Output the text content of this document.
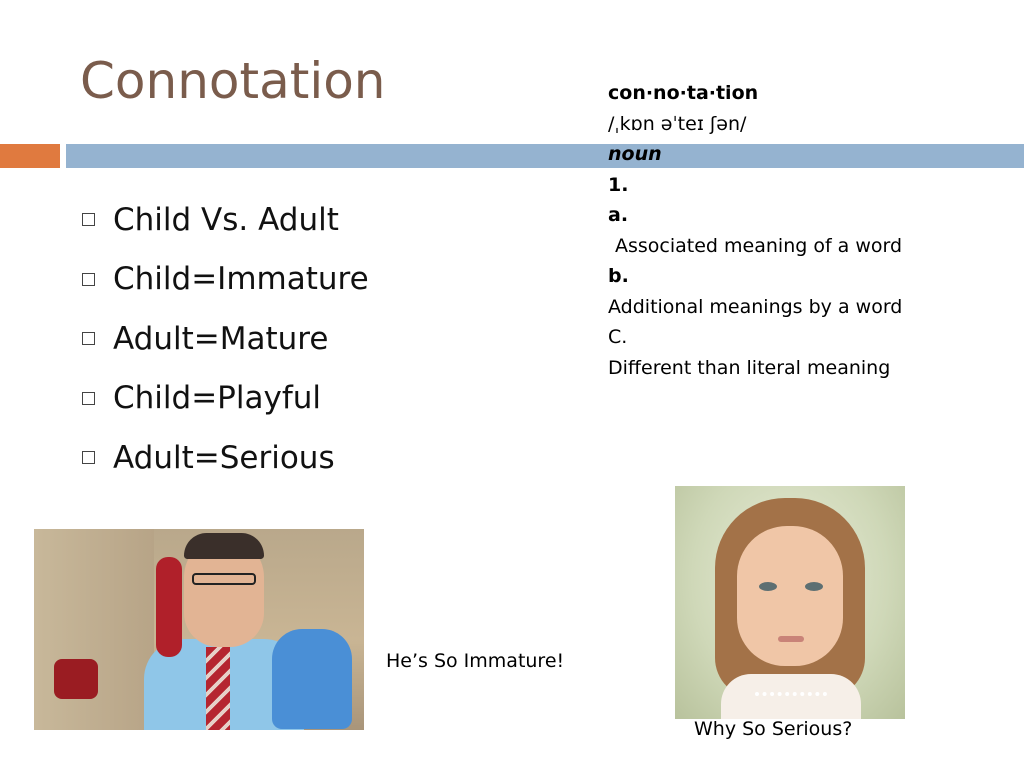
Connotation
Child Vs. Adult
Child=Immature
Adult=Mature
Child=Playful
Adult=Serious
con·no·ta·tion
/ˌkɒn əˈteɪ ʃən/
noun
1.
a.
Associated meaning of a word
b.
Additional meanings by a word
C.
Different than literal meaning
He’s So Immature!
Why So Serious?
